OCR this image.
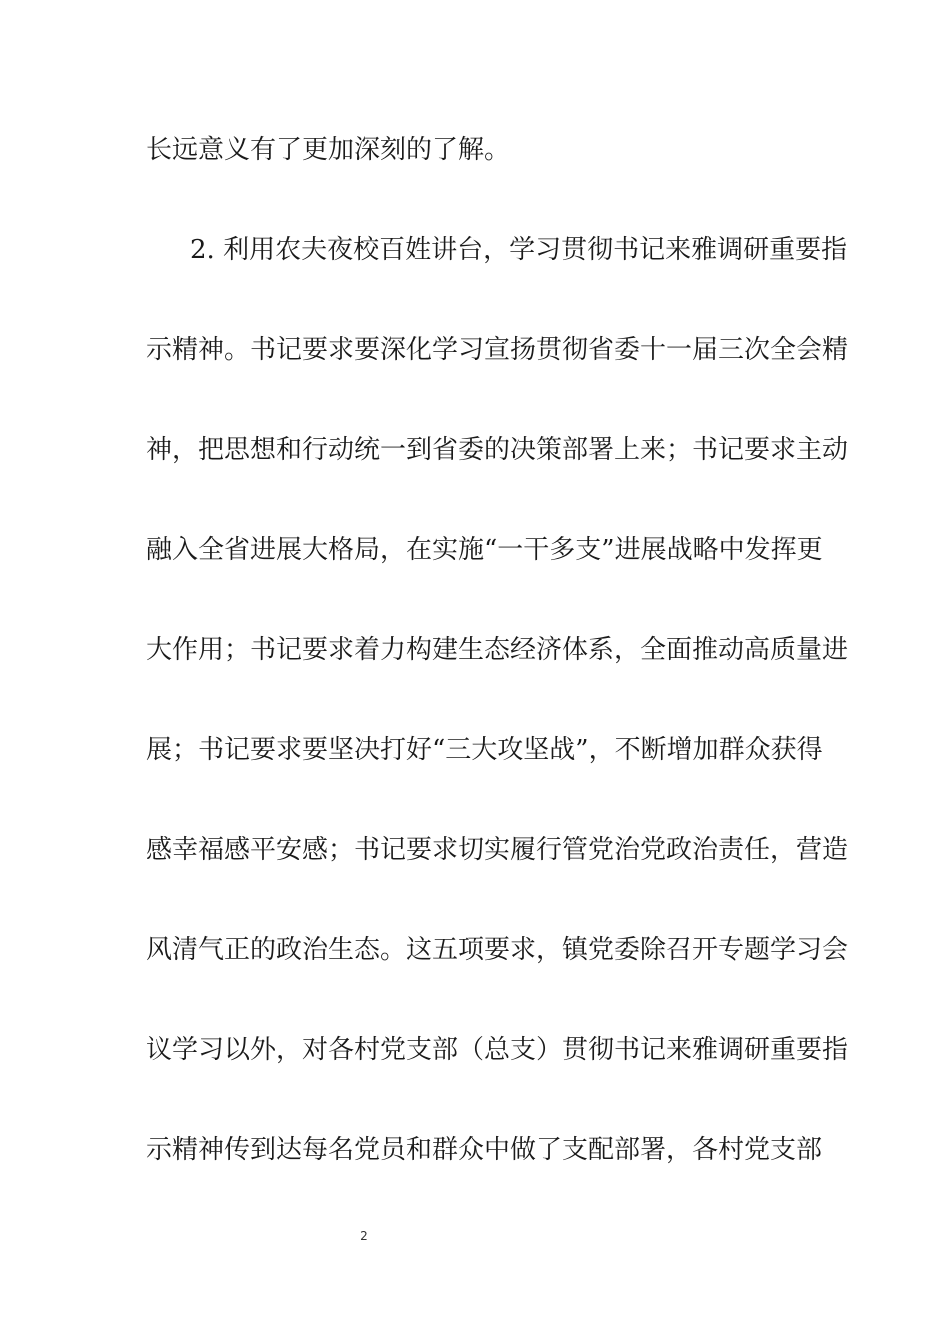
长远意义有了更加深刻的了解。
2. 利用农夫夜校百姓讲台，学习贯彻书记来雅调研重要指
示精神。书记要求要深化学习宣扬贯彻省委十一届三次全会精
神，把思想和行动统一到省委的决策部署上来；书记要求主动
融入全省进展大格局，在实施“一干多支”进展战略中发挥更
大作用；书记要求着力构建生态经济体系，全面推动高质量进
展；书记要求要坚决打好“三大攻坚战”，不断增加群众获得
感幸福感平安感；书记要求切实履行管党治党政治责任，营造
风清气正的政治生态。这五项要求，镇党委除召开专题学习会
议学习以外，对各村党支部（总支）贯彻书记来雅调研重要指
示精神传到达每名党员和群众中做了支配部署，各村党支部
2
